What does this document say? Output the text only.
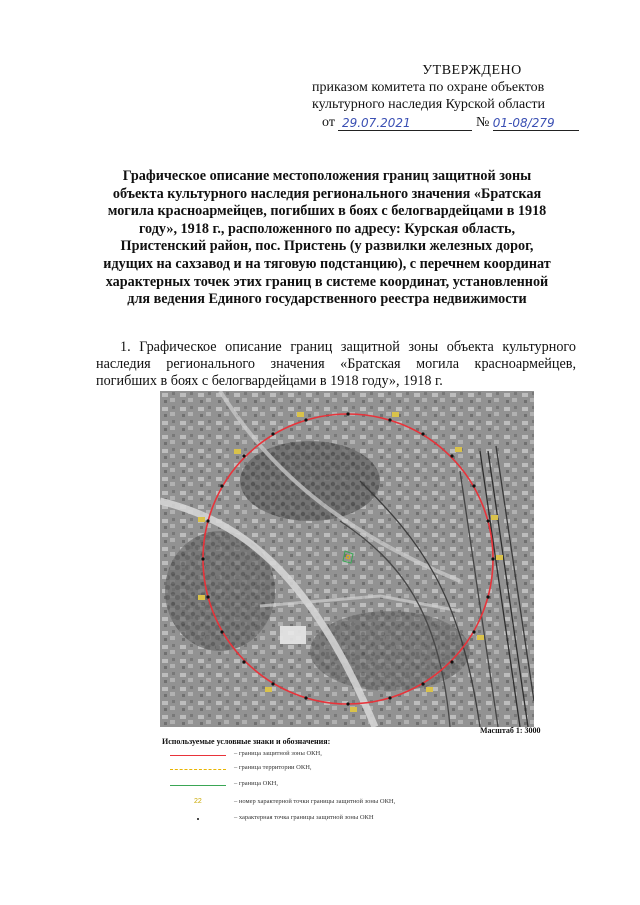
УТВЕРЖДЕНО
приказом комитета по охране объектов
культурного наследия Курской области
от 29.07.2021	№ 01-08/279
Графическое описание местоположения границ защитной зоны объекта культурного наследия регионального значения «Братская могила красноармейцев, погибших в боях с белогвардейцами в 1918 году», 1918 г., расположенного по адресу: Курская область, Пристенский район, пос. Пристень (у развилки железных дорог, идущих на сахзавод и на тяговую подстанцию), с перечнем координат характерных точек этих границ в системе координат, установленной для ведения Единого государственного реестра недвижимости
1. Графическое описание границ защитной зоны объекта культурного наследия регионального значения «Братская могила красноармейцев, погибших в боях с белогвардейцами в 1918 году», 1918 г.
Масштаб 1: 3000
Используемые условные знаки и обозначения:
– граница защитной зоны ОКН,
– граница территории ОКН,
– граница ОКН,
22	– номер характерной точки границы защитной зоны ОКН,
– характерная точка границы защитной зоны ОКН
